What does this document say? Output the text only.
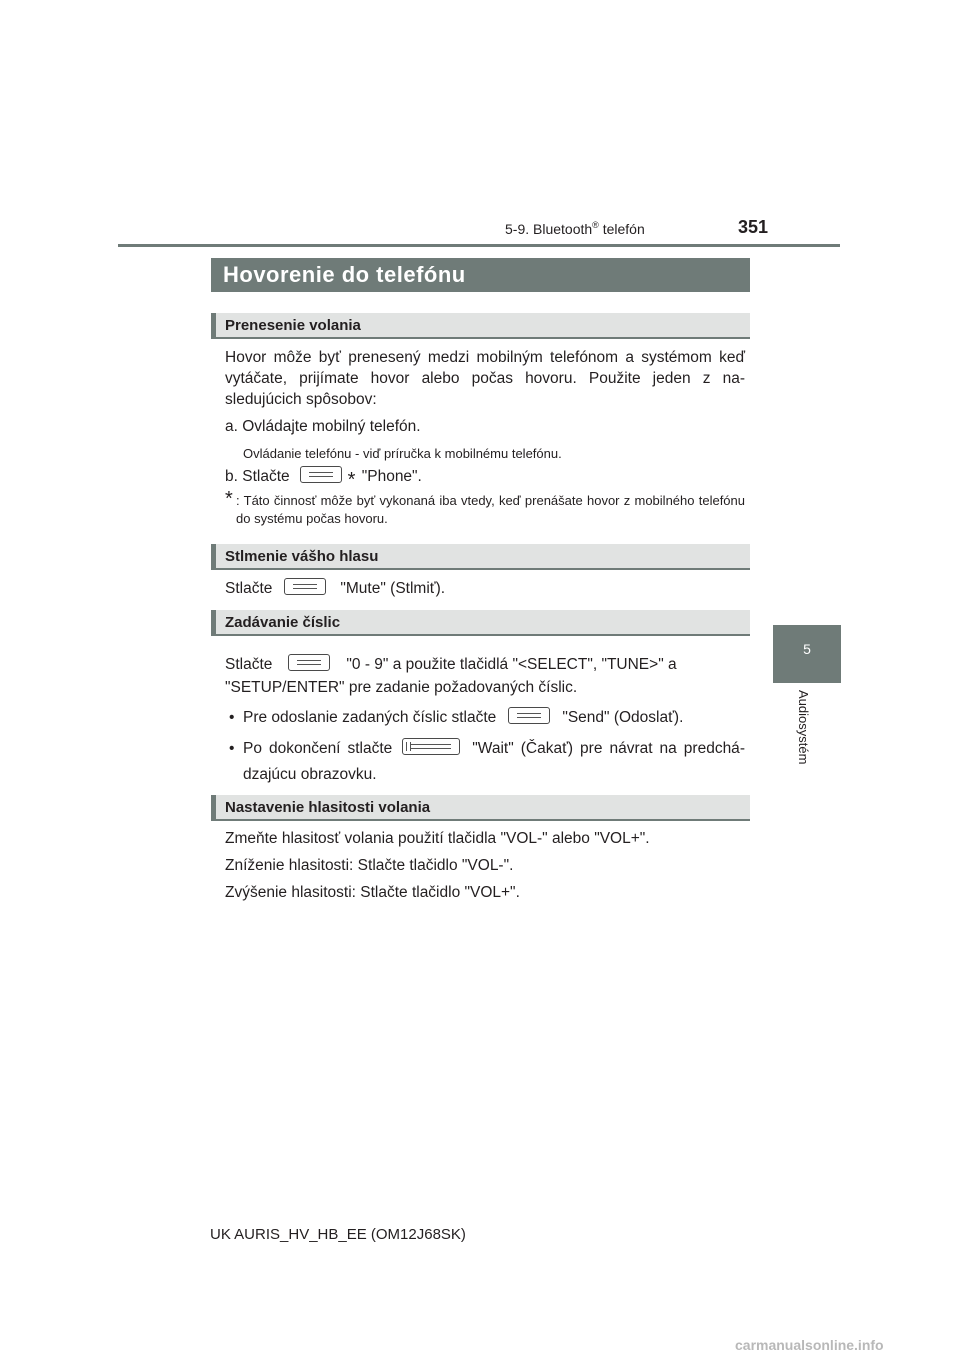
5-9. Bluetooth® telefón	351
5
Audiosystém
Hovorenie do telefónu
Prenesenie volania
Hovor môže byť prenesený medzi mobilným telefónom a systémom keď vytáčate, prijímate hovor alebo počas hovoru. Použite jeden z nasledujúcich spôsobov:
a. Ovládajte mobilný telefón.
Ovládanie telefónu - viď príručka k mobilnému telefónu.
b. Stlačte	* "Phone".
* : Táto činnosť môže byť vykonaná iba vtedy, keď prenášate hovor z mobilného telefónu do systému počas hovoru.
Stlmenie vášho hlasu
Stlačte	"Mute" (Stlmiť).
Zadávanie číslic
Stlačte	"0 - 9" a použite tlačidlá "<SELECT", "TUNE>" a "SETUP/ENTER" pre zadanie požadovaných číslic.
• Pre odoslanie zadaných číslic stlačte	"Send" (Odoslať).
• Po dokončení stlačte	"Wait" (Čakať) pre návrat na predchádzajúcu obrazovku.
Nastavenie hlasitosti volania
Zmeňte hlasitosť volania použití tlačidla "VOL-" alebo "VOL+".
Zníženie hlasitosti: Stlačte tlačidlo "VOL-".
Zvýšenie hlasitosti: Stlačte tlačidlo "VOL+".
UK AURIS_HV_HB_EE (OM12J68SK)
carmanualsonline.info
